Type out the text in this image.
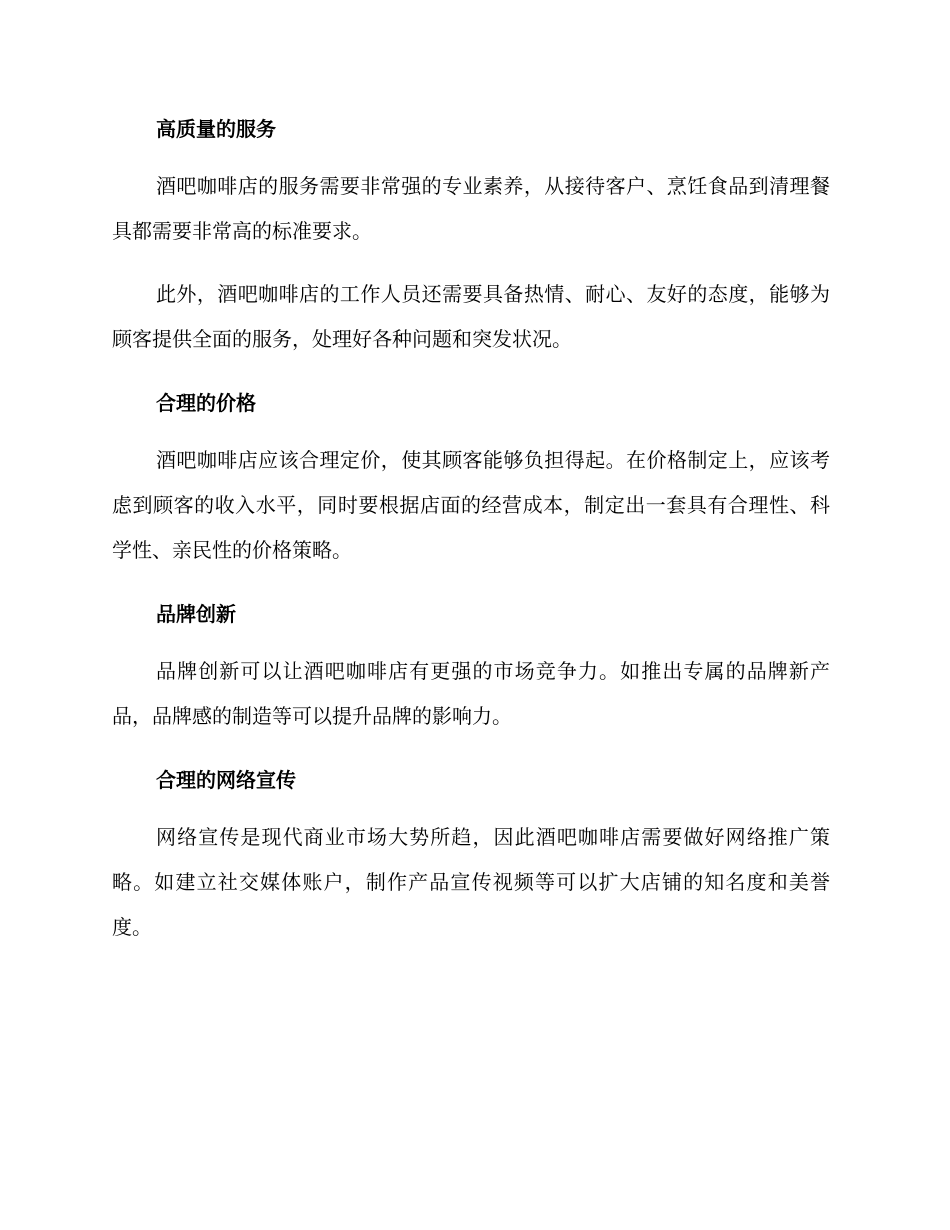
高质量的服务

酒吧咖啡店的服务需要非常强的专业素养，从接待客户、烹饪食品到清理餐具都需要非常高的标准要求。

此外，酒吧咖啡店的工作人员还需要具备热情、耐心、友好的态度，能够为顾客提供全面的服务，处理好各种问题和突发状况。

合理的价格

酒吧咖啡店应该合理定价，使其顾客能够负担得起。在价格制定上，应该考虑到顾客的收入水平，同时要根据店面的经营成本，制定出一套具有合理性、科学性、亲民性的价格策略。

品牌创新

品牌创新可以让酒吧咖啡店有更强的市场竞争力。如推出专属的品牌新产品，品牌感的制造等可以提升品牌的影响力。

合理的网络宣传

网络宣传是现代商业市场大势所趋，因此酒吧咖啡店需要做好网络推广策略。如建立社交媒体账户，制作产品宣传视频等可以扩大店铺的知名度和美誉度。
